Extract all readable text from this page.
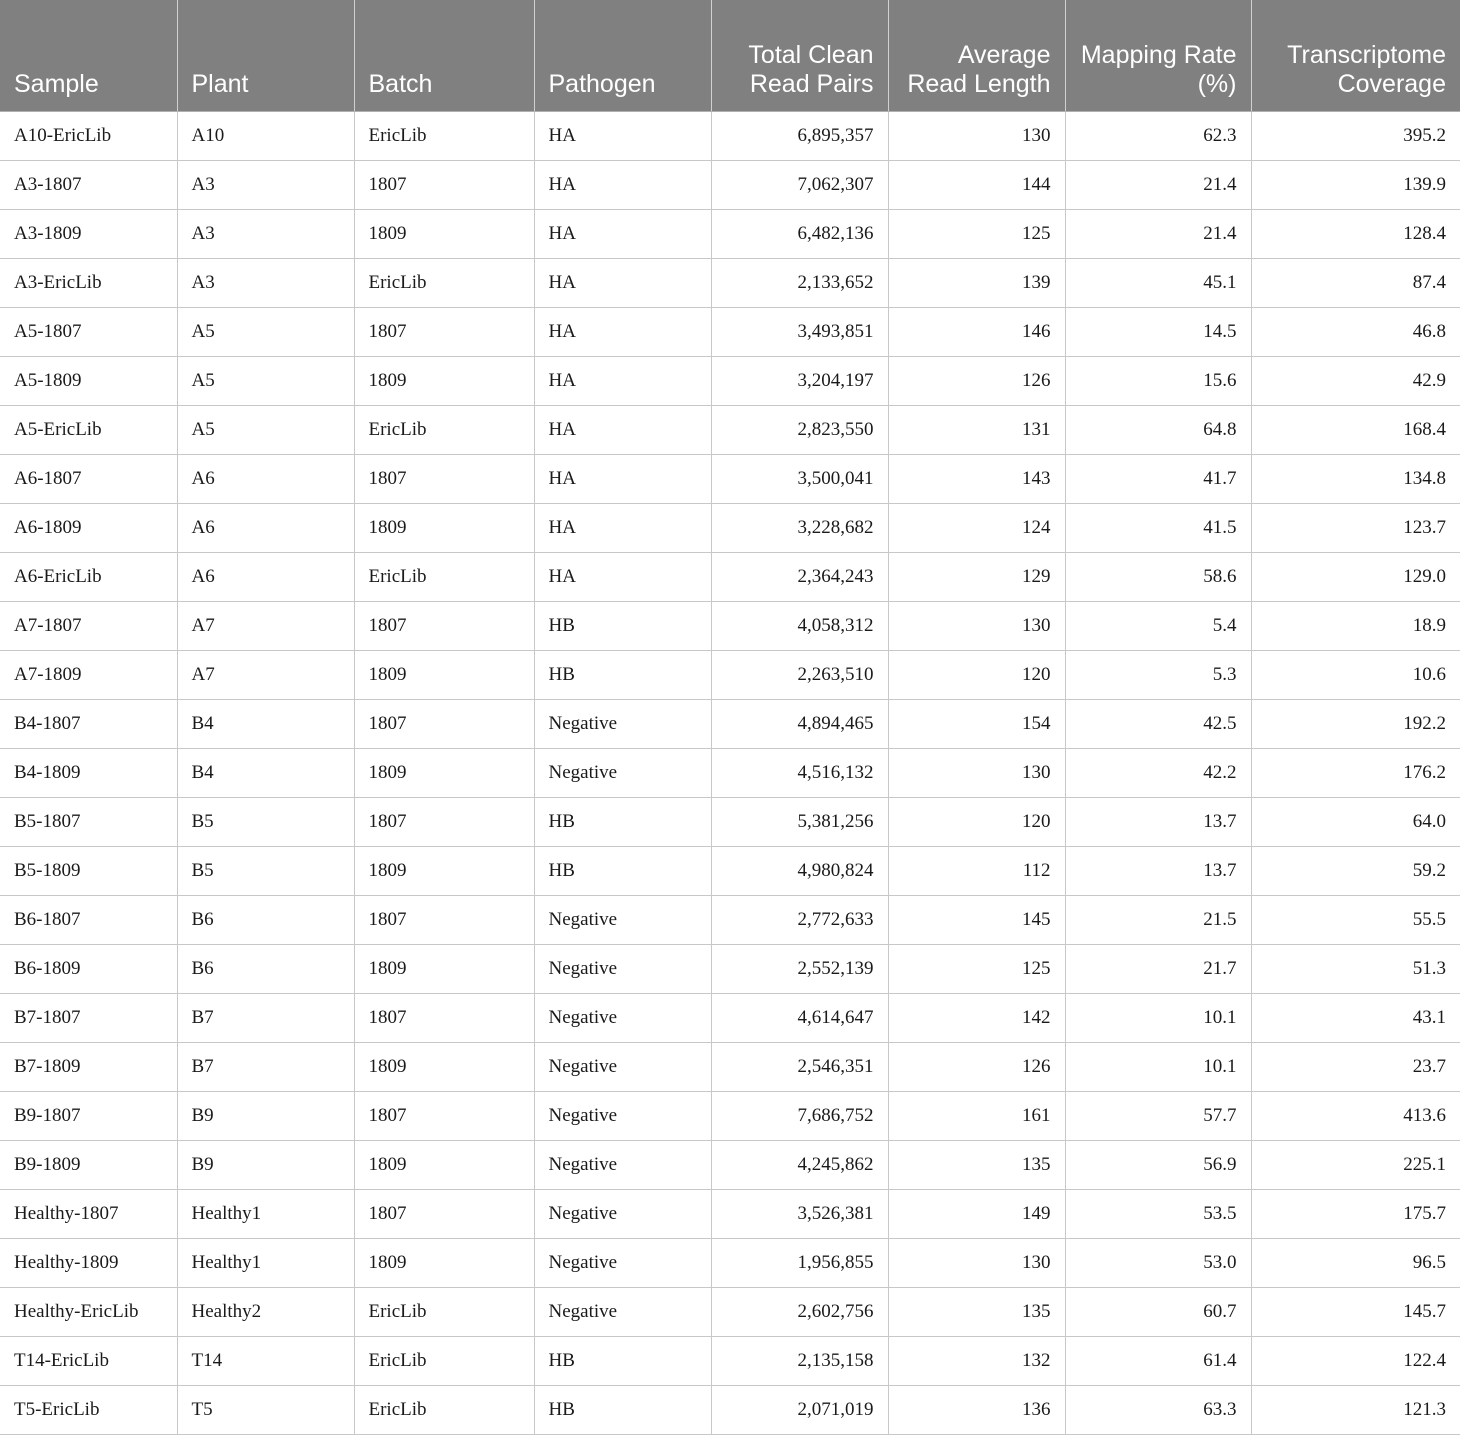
Sample	Plant	Batch	Pathogen	Total Clean Read Pairs	Average Read Length	Mapping Rate (%)	Transcriptome Coverage
A10-EricLib	A10	EricLib	HA	6,895,357	130	62.3	395.2
A3-1807	A3	1807	HA	7,062,307	144	21.4	139.9
A3-1809	A3	1809	HA	6,482,136	125	21.4	128.4
A3-EricLib	A3	EricLib	HA	2,133,652	139	45.1	87.4
A5-1807	A5	1807	HA	3,493,851	146	14.5	46.8
A5-1809	A5	1809	HA	3,204,197	126	15.6	42.9
A5-EricLib	A5	EricLib	HA	2,823,550	131	64.8	168.4
A6-1807	A6	1807	HA	3,500,041	143	41.7	134.8
A6-1809	A6	1809	HA	3,228,682	124	41.5	123.7
A6-EricLib	A6	EricLib	HA	2,364,243	129	58.6	129.0
A7-1807	A7	1807	HB	4,058,312	130	5.4	18.9
A7-1809	A7	1809	HB	2,263,510	120	5.3	10.6
B4-1807	B4	1807	Negative	4,894,465	154	42.5	192.2
B4-1809	B4	1809	Negative	4,516,132	130	42.2	176.2
B5-1807	B5	1807	HB	5,381,256	120	13.7	64.0
B5-1809	B5	1809	HB	4,980,824	112	13.7	59.2
B6-1807	B6	1807	Negative	2,772,633	145	21.5	55.5
B6-1809	B6	1809	Negative	2,552,139	125	21.7	51.3
B7-1807	B7	1807	Negative	4,614,647	142	10.1	43.1
B7-1809	B7	1809	Negative	2,546,351	126	10.1	23.7
B9-1807	B9	1807	Negative	7,686,752	161	57.7	413.6
B9-1809	B9	1809	Negative	4,245,862	135	56.9	225.1
Healthy-1807	Healthy1	1807	Negative	3,526,381	149	53.5	175.7
Healthy-1809	Healthy1	1809	Negative	1,956,855	130	53.0	96.5
Healthy-EricLib	Healthy2	EricLib	Negative	2,602,756	135	60.7	145.7
T14-EricLib	T14	EricLib	HB	2,135,158	132	61.4	122.4
T5-EricLib	T5	EricLib	HB	2,071,019	136	63.3	121.3
